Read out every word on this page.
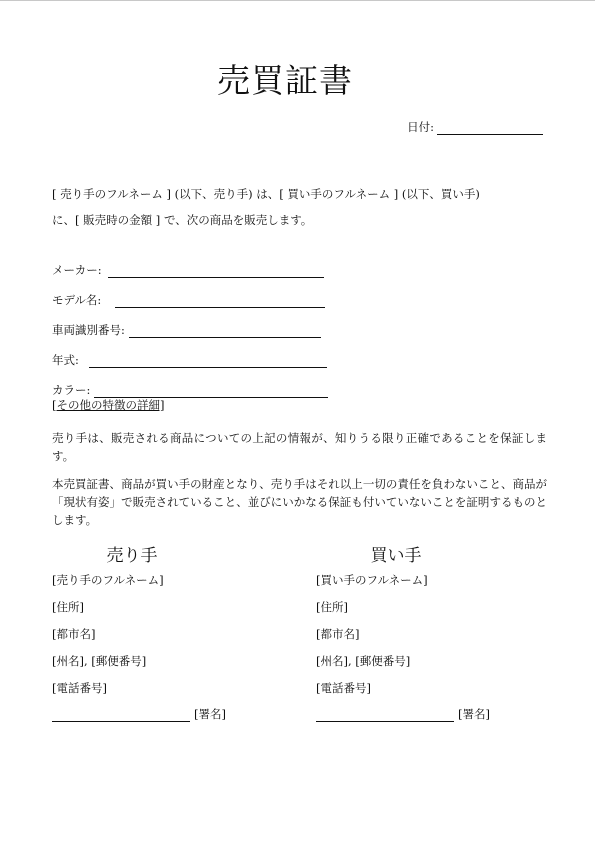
売買証書
日付:

[ 売り手のフルネーム ] (以下、売り手) は、[ 買い手のフルネーム ] (以下、買い手)

に、[ 販売時の金額 ] で、次の商品を販売します。

メーカー:
モデル名:
車両識別番号:
年式:
カラー:
[その他の特徴の詳細]

売り手は、販売される商品についての上記の情報が、知りうる限り正確であることを保証します。

本売買証書、商品が買い手の財産となり、売り手はそれ以上一切の責任を負わないこと、商品が「現状有姿」で販売されていること、並びにいかなる保証も付いていないことを証明するものとします。

売り手
[売り手のフルネーム]
[住所]
[都市名]
[州名], [郵便番号]
[電話番号]
[署名]
買い手
[買い手のフルネーム]
[住所]
[都市名]
[州名], [郵便番号]
[電話番号]
[署名]
